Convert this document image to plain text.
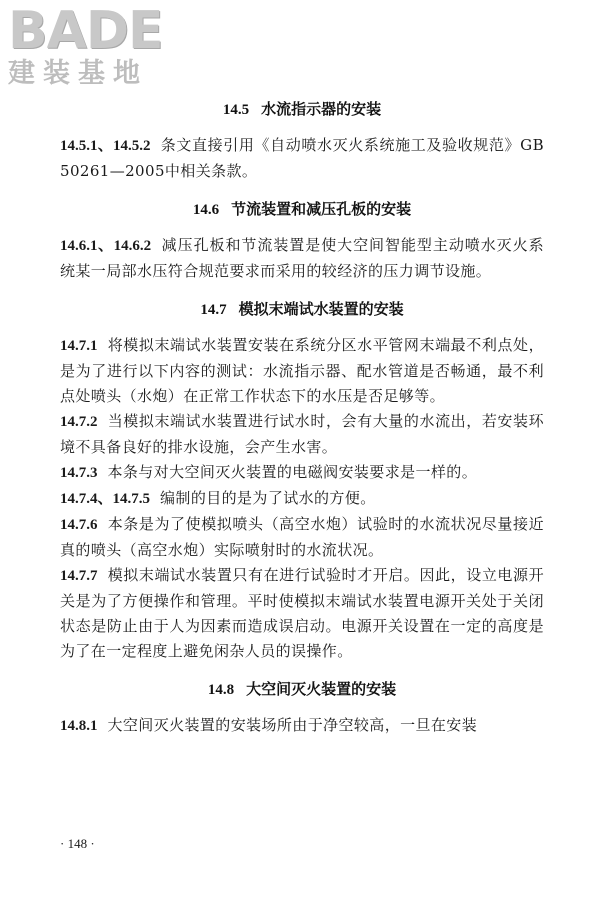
BADE
建装基地
14.5 水流指示器的安装

14.5.1、14.5.2 条文直接引用《自动喷水灭火系统施工及验收规范》GB 50261—2005中相关条款。

14.6 节流装置和减压孔板的安装

14.6.1、14.6.2 减压孔板和节流装置是使大空间智能型主动喷水灭火系统某一局部水压符合规范要求而采用的较经济的压力调节设施。

14.7 模拟末端试水装置的安装

14.7.1 将模拟末端试水装置安装在系统分区水平管网末端最不利点处，是为了进行以下内容的测试：水流指示器、配水管道是否畅通，最不利点处喷头（水炮）在正常工作状态下的水压是否足够等。

14.7.2 当模拟末端试水装置进行试水时，会有大量的水流出，若安装环境不具备良好的排水设施，会产生水害。

14.7.3 本条与对大空间灭火装置的电磁阀安装要求是一样的。

14.7.4、14.7.5 编制的目的是为了试水的方便。

14.7.6 本条是为了使模拟喷头（高空水炮）试验时的水流状况尽量接近真的喷头（高空水炮）实际喷射时的水流状况。

14.7.7 模拟末端试水装置只有在进行试验时才开启。因此，设立电源开关是为了方便操作和管理。平时使模拟末端试水装置电源开关处于关闭状态是防止由于人为因素而造成误启动。电源开关设置在一定的高度是为了在一定程度上避免闲杂人员的误操作。

14.8 大空间灭火装置的安装

14.8.1 大空间灭火装置的安装场所由于净空较高，一旦在安装

· 148 ·
